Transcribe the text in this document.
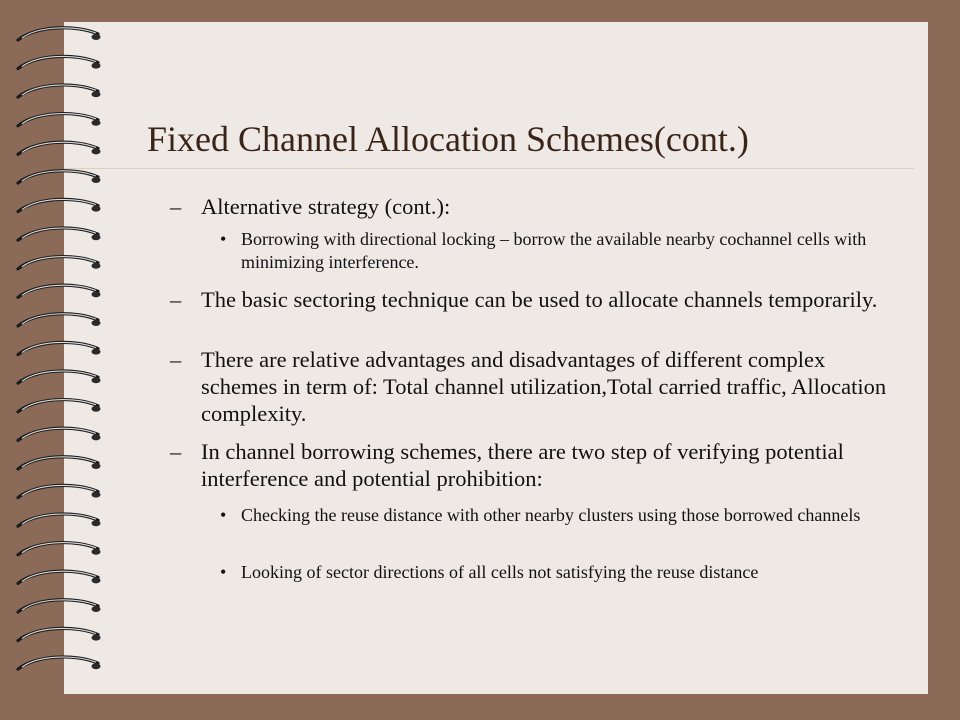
Fixed Channel Allocation Schemes(cont.)
– Alternative strategy (cont.):
• Borrowing with directional locking – borrow the available nearby cochannel cells with minimizing interference.
– The basic sectoring technique can be used to allocate channels temporarily.
– There are relative advantages and disadvantages of different complex schemes in term of: Total channel utilization,Total carried traffic, Allocation complexity.
– In channel borrowing schemes, there are two step of verifying potential interference and potential prohibition:
• Checking the reuse distance with other nearby clusters using those borrowed channels
• Looking of sector directions of all cells not satisfying the reuse distance
